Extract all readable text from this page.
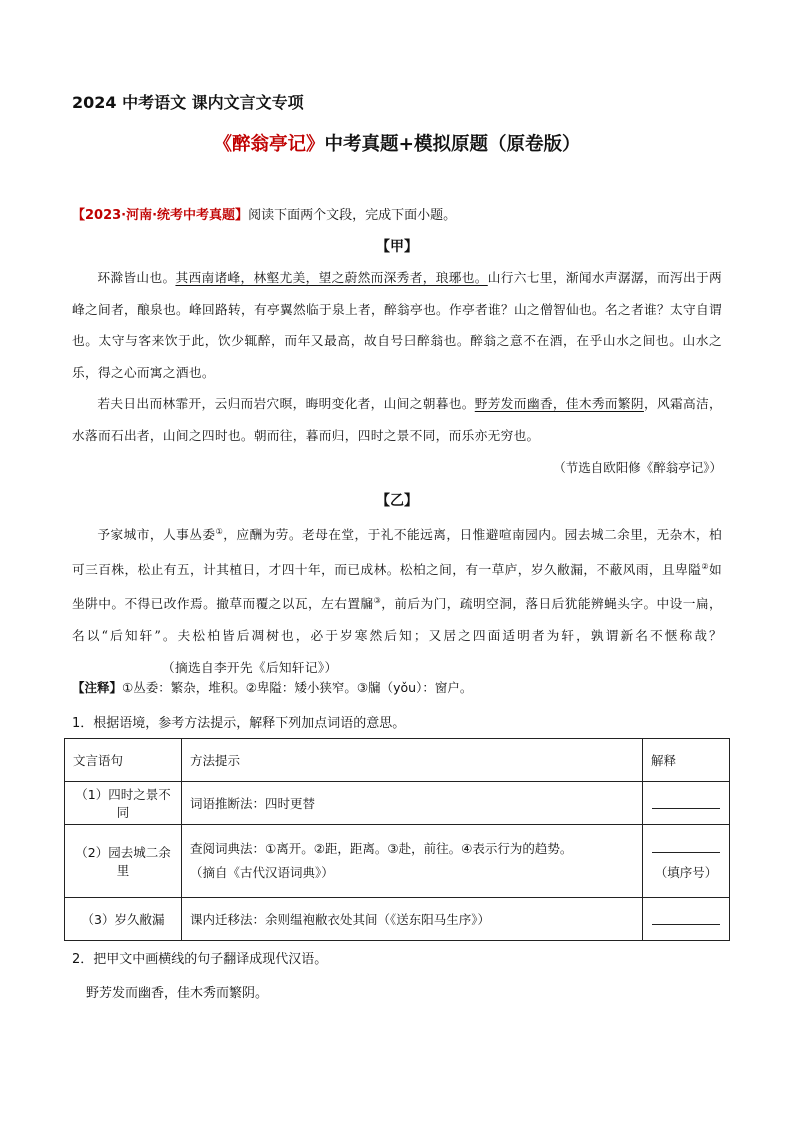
2024 中考语文 课内文言文专项
《醉翁亭记》中考真题+模拟原题（原卷版）
【2023·河南·统考中考真题】阅读下面两个文段，完成下面小题。
【甲】

环滁皆山也。其西南诸峰，林壑尤美，望之蔚然而深秀者，琅琊也。山行六七里，渐闻水声潺潺，而泻出于两峰之间者，酿泉也。峰回路转，有亭翼然临于泉上者，醉翁亭也。作亭者谁？山之僧智仙也。名之者谁？太守自谓也。太守与客来饮于此，饮少辄醉，而年又最高，故自号曰醉翁也。醉翁之意不在酒，在乎山水之间也。山水之乐，得之心而寓之酒也。

若夫日出而林霏开，云归而岩穴暝，晦明变化者，山间之朝暮也。野芳发而幽香，佳木秀而繁阴，风霜高洁，水落而石出者，山间之四时也。朝而往，暮而归，四时之景不同，而乐亦无穷也。

（节选自欧阳修《醉翁亭记》）
【乙】

予家城市，人事丛委①，应酬为劳。老母在堂，于礼不能远离，日惟避喧南园内。园去城二余里，无杂木，柏可三百株，松止有五，计其植日，才四十年，而已成林。松柏之间，有一草庐，岁久敝漏，不蔽风雨，且卑隘②如坐阱中。不得已改作焉。撤草而覆之以瓦，左右置牖③，前后为门，疏明空洞，落日后犹能辨蝇头字。中设一扁，名以“后知轩”。夫松柏皆后凋树也，必于岁寒然后知；又居之四面适明者为轩，孰谓新名不惬称哉？（摘选自李开先《后知轩记》）

【注释】①丛委：繁杂，堆积。②卑隘：矮小狭窄。③牖（yǒu）：窗户。
1．根据语境，参考方法提示，解释下列加点词语的意思。
文言语句	方法提示	解释
（1）四时之景不同	词语推断法：四时更替	
（2）园去城二余里	查阅词典法：①离开。②距，距离。③赴，前往。④表示行为的趋势。
（摘自《古代汉语词典》）	（填序号）

（3）岁久敝漏	课内迁移法：余则缊袍敝衣处其间（《送东阳马生序》）	
2．把甲文中画横线的句子翻译成现代汉语。
野芳发而幽香，佳木秀而繁阴。
